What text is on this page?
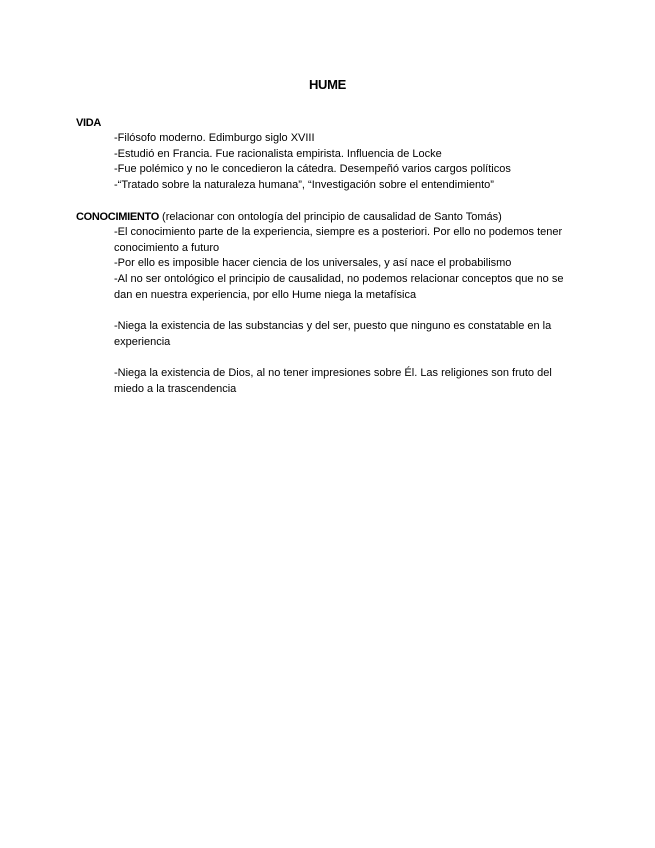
HUME
VIDA
-Filósofo moderno. Edimburgo siglo XVIII
-Estudió en Francia. Fue racionalista empirista. Influencia de Locke
-Fue polémico y no le concedieron la cátedra. Desempeñó varios cargos políticos
-“Tratado sobre la naturaleza humana”, “Investigación sobre el entendimiento”
CONOCIMIENTO (relacionar con ontología del principio de causalidad de Santo Tomás)
-El conocimiento parte de la experiencia, siempre es a posteriori. Por ello no podemos tener conocimiento a futuro
-Por ello es imposible hacer ciencia de los universales, y así nace el probabilismo
-Al no ser ontológico el principio de causalidad, no podemos relacionar conceptos que no se dan en nuestra experiencia, por ello Hume niega la metafísica
-Niega la existencia de las substancias y del ser, puesto que ninguno es constatable en la experiencia
-Niega la existencia de Dios, al no tener impresiones sobre Él. Las religiones son fruto del miedo a la trascendencia
